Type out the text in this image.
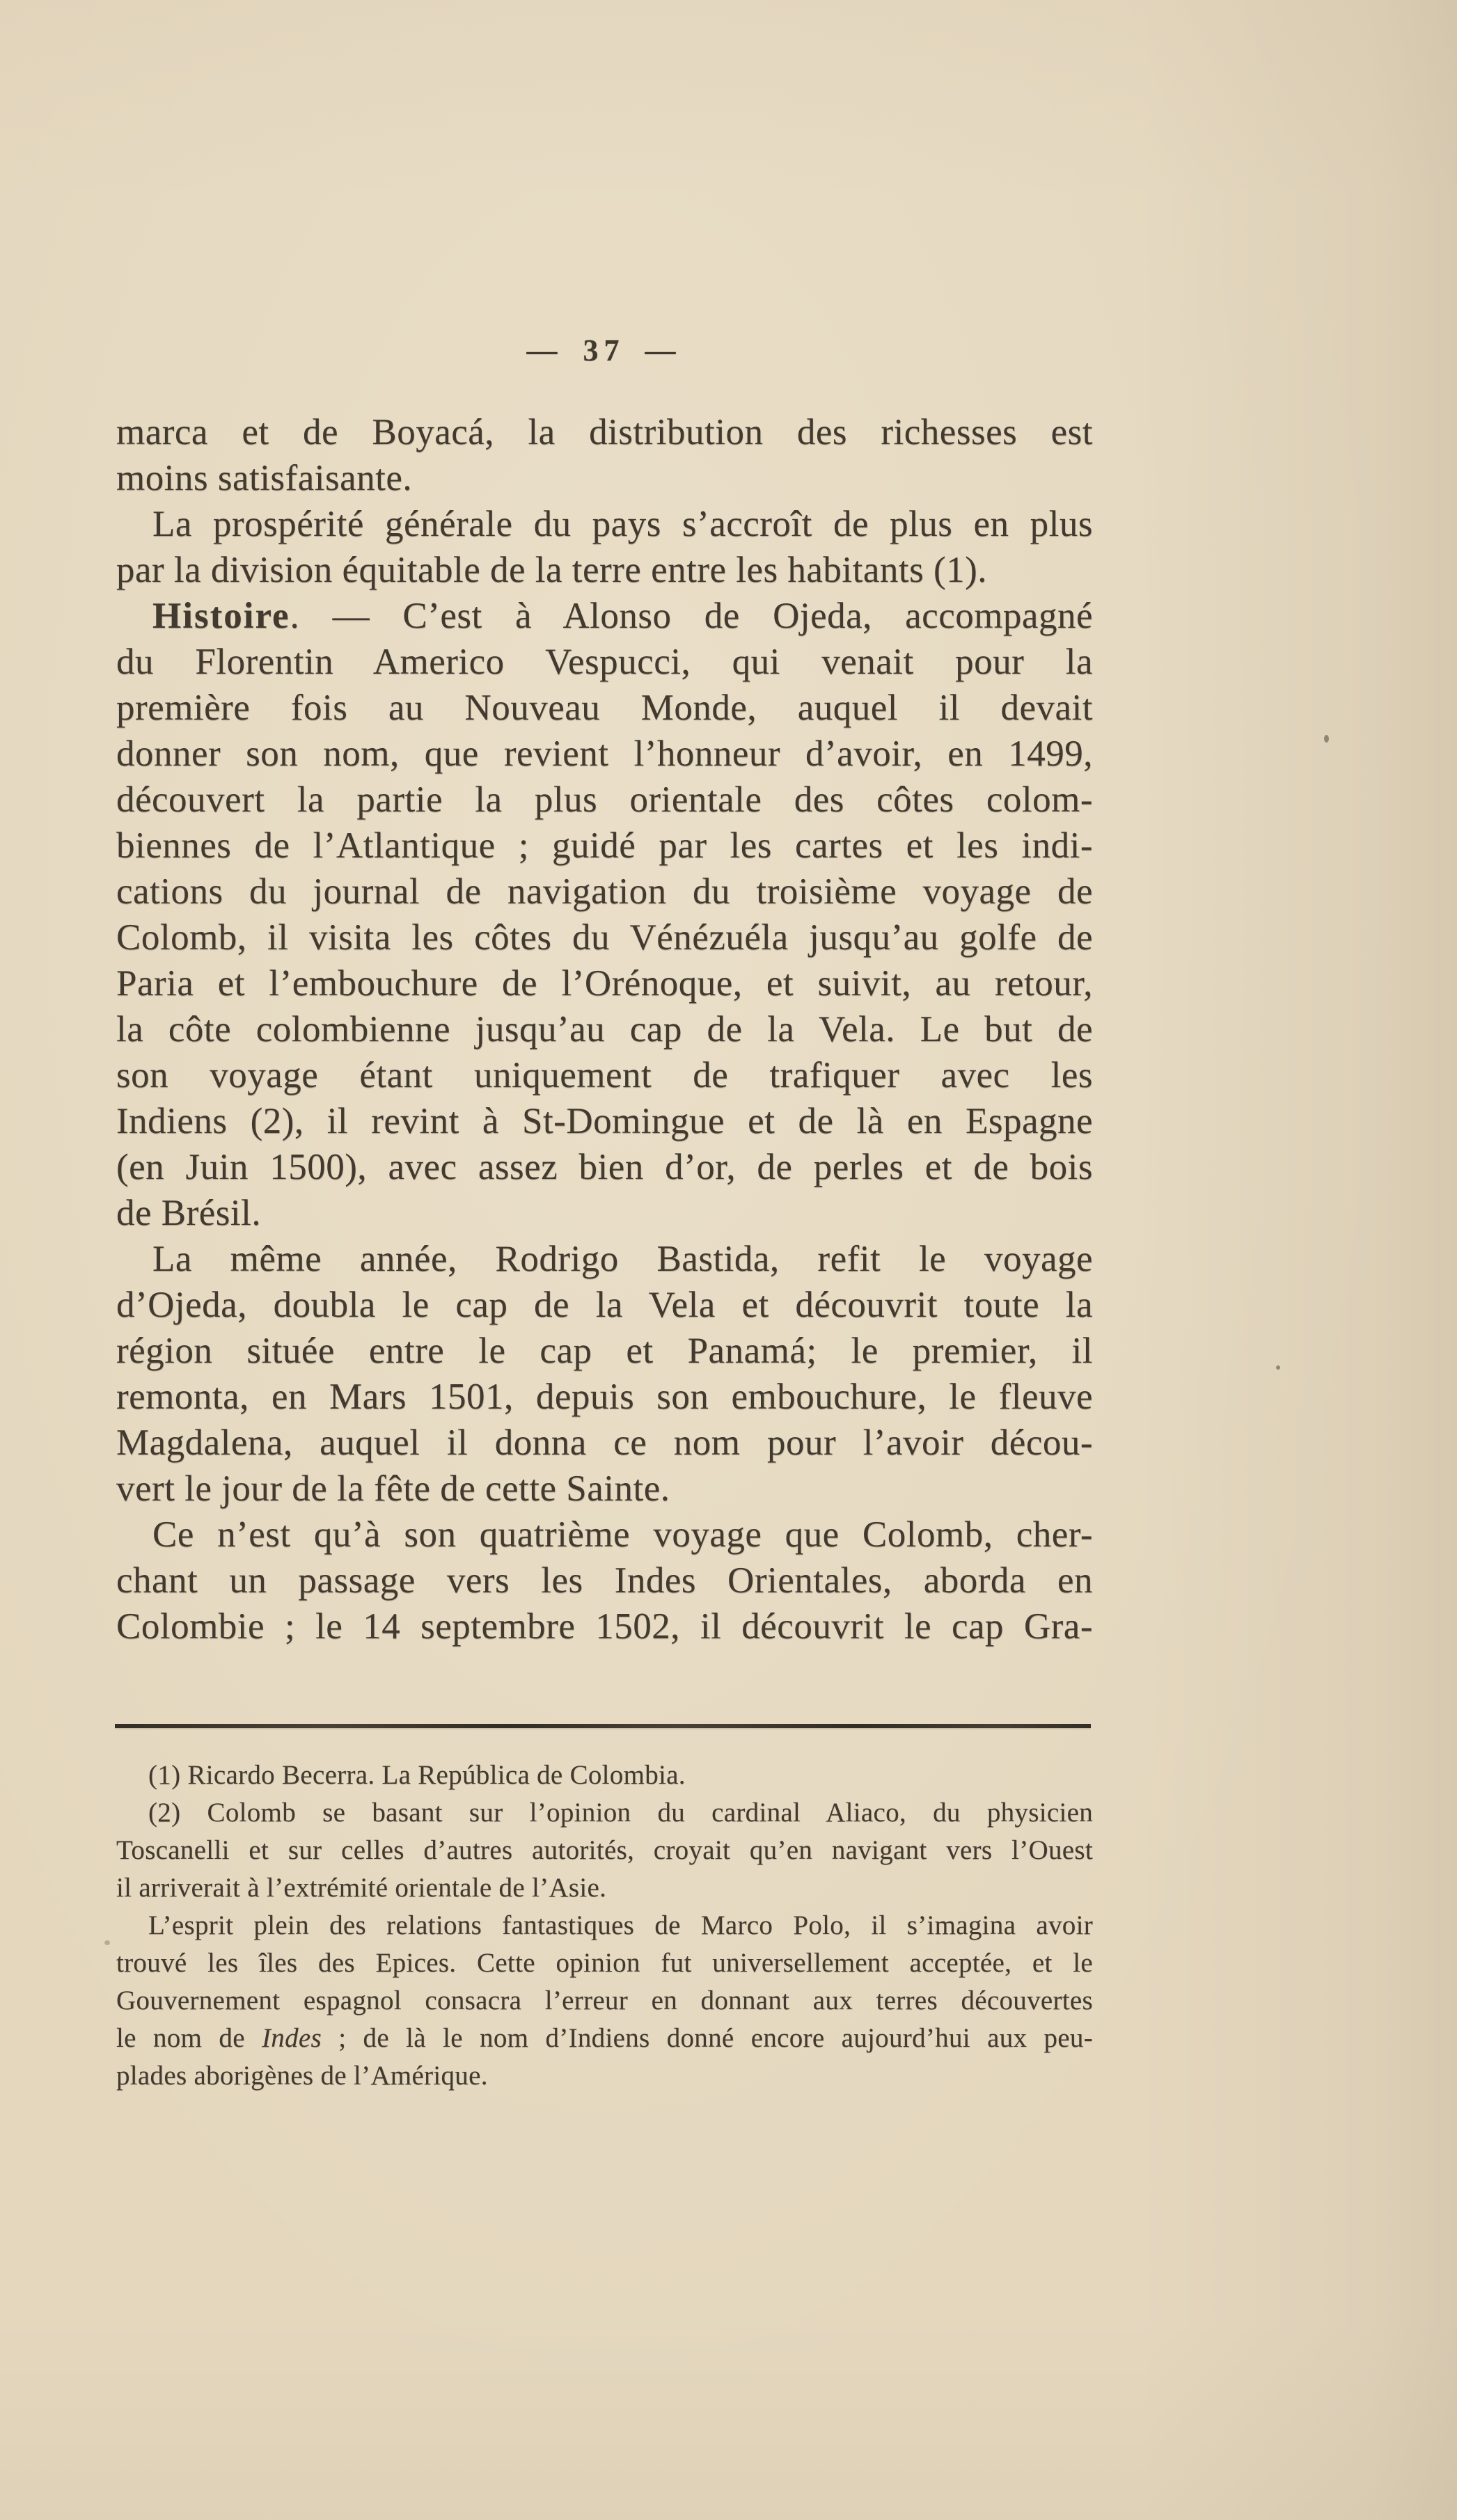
— 37 —
marca et de Boyacá, la distribution des richesses est
moins satisfaisante.
La prospérité générale du pays s’accroît de plus en plus
par la division équitable de la terre entre les habitants (1).
Histoire. — C’est à Alonso de Ojeda, accompagné
du Florentin Americo Vespucci, qui venait pour la
première fois au Nouveau Monde, auquel il devait
donner son nom, que revient l’honneur d’avoir, en 1499,
découvert la partie la plus orientale des côtes colom-
biennes de l’Atlantique ; guidé par les cartes et les indi-
cations du journal de navigation du troisième voyage de
Colomb, il visita les côtes du Vénézuéla jusqu’au golfe de
Paria et l’embouchure de l’Orénoque, et suivit, au retour,
la côte colombienne jusqu’au cap de la Vela. Le but de
son voyage étant uniquement de trafiquer avec les
Indiens (2), il revint à St-Domingue et de là en Espagne
(en Juin 1500), avec assez bien d’or, de perles et de bois
de Brésil.
La même année, Rodrigo Bastida, refit le voyage
d’Ojeda, doubla le cap de la Vela et découvrit toute la
région située entre le cap et Panamá; le premier, il
remonta, en Mars 1501, depuis son embouchure, le fleuve
Magdalena, auquel il donna ce nom pour l’avoir décou-
vert le jour de la fête de cette Sainte.
Ce n’est qu’à son quatrième voyage que Colomb, cher-
chant un passage vers les Indes Orientales, aborda en
Colombie ; le 14 septembre 1502, il découvrit le cap Gra-
(1) Ricardo Becerra. La República de Colombia.
(2) Colomb se basant sur l’opinion du cardinal Aliaco, du physicien
Toscanelli et sur celles d’autres autorités, croyait qu’en navigant vers l’Ouest
il arriverait à l’extrémité orientale de l’Asie.
L’esprit plein des relations fantastiques de Marco Polo, il s’imagina avoir
trouvé les îles des Epices. Cette opinion fut universellement acceptée, et le
Gouvernement espagnol consacra l’erreur en donnant aux terres découvertes
le nom de Indes ; de là le nom d’Indiens donné encore aujourd’hui aux peu-
plades aborigènes de l’Amérique.
